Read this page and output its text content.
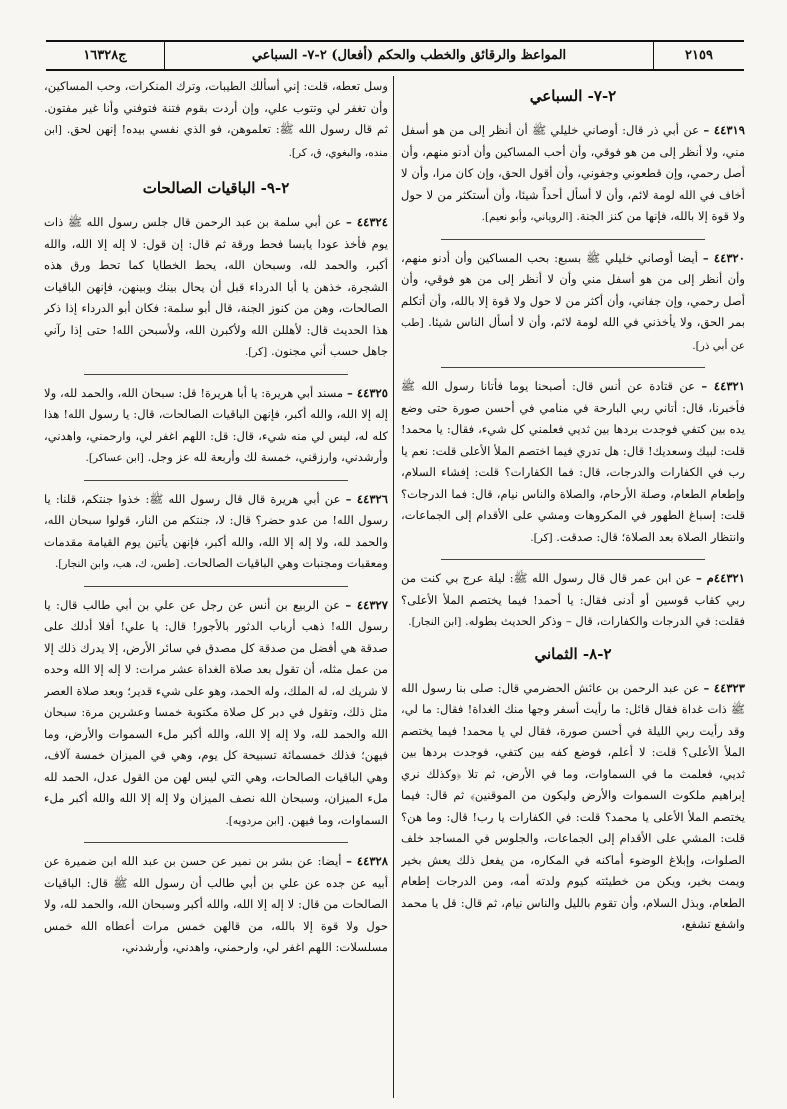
ج١٦٣٢٨	المواعظ والرقائق والخطب والحكم (أفعال) ٢-٧- السباعي	٢١٥٩
٢-٧- السباعي

٤٤٣١٩ – عن أبي ذر قال: أوصاني خليلي ﷺ أن أنظر إلى من هو أسفل مني، ولا أنظر إلى من هو فوقي، وأن أحب المساكين وأن أدنو منهم، وأن أصل رحمي، وإن قطعوني وجفوني، وأن أقول الحق، وإن كان مرا، وأن لا أخاف في الله لومة لائم، وأن لا أسأل أحداً شيئا، وأن أستكثر من لا حول ولا قوة إلا بالله، فإنها من كنز الجنة. [الروياني، وأبو نعيم].

٤٤٣٢٠ – أيضا أوصاني خليلي ﷺ بسبع: بحب المساكين وأن أدنو منهم، وأن أنظر إلى من هو أسفل مني وأن لا أنظر إلى من هو فوقي، وأن أصل رحمي، وإن جفاني، وأن أكثر من لا حول ولا قوة إلا بالله، وأن أتكلم بمر الحق، ولا يأخذني في الله لومة لائم، وأن لا أسأل الناس شيئا. [طب عن أبي ذر].

٤٤٣٢١ – عن قتادة عن أنس قال: أصبحنا يوما فأتانا رسول الله ﷺ فأخبرنا، قال: أتاني ربي البارحة في منامي في أحسن صورة حتى وضع يده بين كتفي فوجدت بردها بين ثديي فعلمني كل شيء، فقال: يا محمد! قلت: لبيك وسعديك! قال: هل تدري فيما اختصم الملأ الأعلى قلت: نعم يا رب في الكفارات والدرجات، قال: فما الكفارات؟ قلت: إفشاء السلام، وإطعام الطعام، وصلة الأرحام، والصلاة والناس نيام، قال: فما الدرجات؟ قلت: إسباغ الطهور في المكروهات ومشي على الأقدام إلى الجماعات، وانتظار الصلاة بعد الصلاة؛ قال: صدقت. [كر].

٤٤٣٢١م – عن ابن عمر قال قال رسول الله ﷺ: ليلة عرج بي كنت من ربي كقاب قوسين أو أدنى فقال: يا أحمد! فيما يختصم الملأ الأعلى؟ فقلت: في الدرجات والكفارات، قال – وذكر الحديث بطوله. [ابن النجار].

٢-٨- الثماني

٤٤٣٢٣ – عن عبد الرحمن بن عائش الحضرمي قال: صلى بنا رسول الله ﷺ ذات غداة فقال قائل: ما رأيت أسفر وجها منك الغداة! فقال: ما لي، وقد رأيت ربي الليلة في أحسن صورة، فقال لي يا محمد! فيما يختصم الملأ الأعلى؟ قلت: لا أعلم، فوضع كفه بين كتفي، فوجدت بردها بين ثديي، فعلمت ما في السماوات، وما في الأرض، ثم تلا ﴿وكذلك نري إبراهيم ملكوت السموات والأرض وليكون من الموقنين﴾ ثم قال: فيما يختصم الملأ الأعلى يا محمد؟ قلت: في الكفارات يا رب! قال: وما هن؟ قلت: المشي على الأقدام إلى الجماعات، والجلوس في المساجد خلف الصلوات، وإبلاغ الوضوء أماكنه في المكاره، من يفعل ذلك يعش بخير ويمت بخير، ويكن من خطيئته كيوم ولدته أمه، ومن الدرجات إطعام الطعام، وبذل السلام، وأن تقوم بالليل والناس نيام، ثم قال: قل يا محمد واشفع تشفع،

وسل تعطه، قلت: إني أسألك الطيبات، وترك المنكرات، وحب المساكين، وأن تغفر لي وتتوب علي، وإن أردت بقوم فتنة فتوفني وأنا غير مفتون. ثم قال رسول الله ﷺ: تعلموهن، فو الذي نفسي بيده! إنهن لحق. [ابن منده، والبغوي، ق، كر].

٢-٩- الباقيات الصالحات

٤٤٣٢٤ – عن أبي سلمة بن عبد الرحمن قال جلس رسول الله ﷺ ذات يوم فأخذ عودا يابسا فحط ورقة ثم قال: إن قول: لا إله إلا الله، والله أكبر، والحمد لله، وسبحان الله، يحط الخطايا كما تحط ورق هذه الشجرة، خذهن يا أبا الدرداء قبل أن يحال بينك وبينهن، فإنهن الباقيات الصالحات، وهن من كنوز الجنة، قال أبو سلمة: فكان أبو الدرداء إذا ذكر هذا الحديث قال: لأهللن الله ولأكبرن الله، ولأسبحن الله! حتى إذا رآني جاهل حسب أني مجنون. [كر].

٤٤٣٢٥ – مسند أبي هريرة: يا أبا هريرة! قل: سبحان الله، والحمد لله، ولا إله إلا الله، والله أكبر، فإنهن الباقيات الصالحات، قال: يا رسول الله! هذا كله له، ليس لي منه شيء، قال: قل: اللهم اغفر لي، وارحمني، واهدني، وأرشدني، وارزقني، خمسة لك وأربعة لله عز وجل. [ابن عساكر].

٤٤٣٢٦ – عن أبي هريرة قال قال رسول الله ﷺ: خذوا جنتكم، قلنا: يا رسول الله! من عدو حضر؟ قال: لا، جنتكم من النار، قولوا سبحان الله، والحمد لله، ولا إله إلا الله، والله أكبر، فإنهن يأتين يوم القيامة مقدمات ومعقبات ومجنبات وهي الباقيات الصالحات. [طس، ك، هب، وابن النجار].

٤٤٣٢٧ – عن الربيع بن أنس عن رجل عن علي بن أبي طالب قال: يا رسول الله! ذهب أرباب الدثور بالأجور! قال: يا علي! أفلا أدلك على صدقة هي أفضل من صدقة كل مصدق في سائر الأرض، إلا يدرك ذلك إلا من عمل مثله، أن تقول بعد صلاة الغداة عشر مرات: لا إله إلا الله وحده لا شريك له، له الملك، وله الحمد، وهو على شيء قدير؛ وبعد صلاة العصر مثل ذلك، وتقول في دبر كل صلاة مكتوبة خمسا وعشرين مرة: سبحان الله والحمد لله، ولا إله إلا الله، والله أكبر ملء السموات والأرض، وما فيهن؛ فذلك خمسمائة تسبيحة كل يوم، وهي في الميزان خمسة آلاف، وهي الباقيات الصالحات، وهي التي ليس لهن من القول عدل، الحمد لله ملء الميزان، وسبحان الله نصف الميزان ولا إله إلا الله والله أكبر ملء السماوات، وما فيهن. [ابن مردويه].

٤٤٣٢٨ – أيضا: عن بشر بن نمير عن حسن بن عبد الله ابن ضميرة عن أبيه عن جده عن علي بن أبي طالب أن رسول الله ﷺ قال: الباقيات الصالحات من قال: لا إله إلا الله، والله أكبر وسبحان الله، والحمد لله، ولا حول ولا قوة إلا بالله، من قالهن خمس مرات أعطاه الله خمس مسلسلات: اللهم اغفر لي، وارحمني، واهدني، وأرشدني،
